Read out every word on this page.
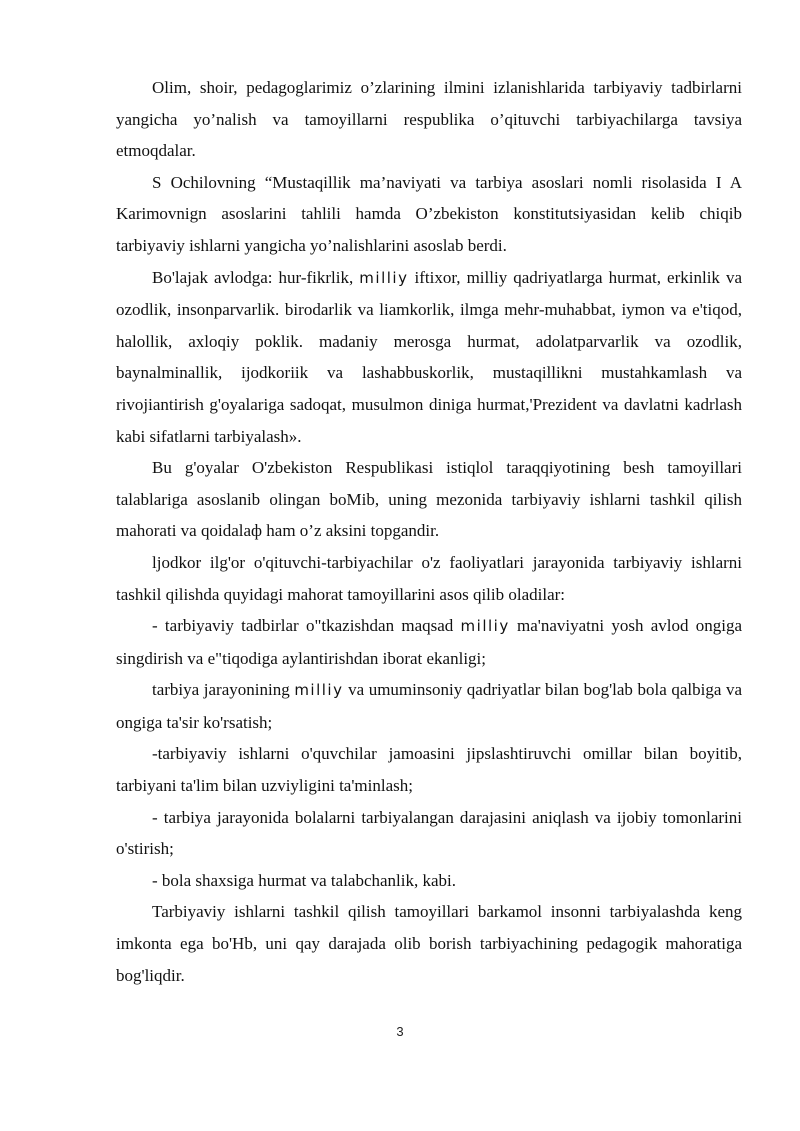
Olim, shoir, pedagoglarimiz o’zlarining ilmini izlanishlarida tarbiyaviy tadbirlarni yangicha yo’nalish va tamoyillarni respublika o’qituvchi tarbiyachilarga tavsiya etmoqdalar.

S Ochilovning “Mustaqillik ma’naviyati va tarbiya asoslari nomli risolasida I A Karimovnign asoslarini tahlili hamda O’zbekiston konstitutsiyasidan kelib chiqib tarbiyaviy ishlarni yangicha yo’nalishlarini asoslab berdi.

Bo'lajak avlodga: hur-fikrlik, milliy iftixor, milliy qadriyatlarga hurmat, erkinlik va ozodlik, insonparvarlik. birodarlik va liamkorlik, ilmga mehr-muhabbat, iymon va e'tiqod, halollik, axloqiy poklik. madaniy merosga hurmat, adolatparvarlik va ozodlik, baynalminallik, ijodkoriik va lashabbuskorlik, mustaqillikni mustahkamlash va rivojiantirish g'oyalariga sadoqat, musulmon diniga hurmat,'Prezident va davlatni kadrlash kabi sifatlarni tarbiyalash».

Bu g'oyalar O'zbekiston Respublikasi istiqlol taraqqiyotining besh tamoyillari talablariga asoslanib olingan boMib, uning mezonida tarbiyaviy ishlarni tashkil qilish mahorati va qoidalaф ham o’z aksini topgandir.

ljodkor ilg'or o'qituvchi-tarbiyachilar o'z faoliyatlari jarayonida tarbiyaviy ishlarni tashkil qilishda quyidagi mahorat tamoyillarini asos qilib oladilar:

- tarbiyaviy tadbirlar o"tkazishdan maqsad milliy ma'naviyatni yosh avlod ongiga singdirish va e"tiqodiga aylantirishdan iborat ekanligi;

tarbiya jarayonining milliy va umuminsoniy qadriyatlar bilan bog'lab bola qalbiga va ongiga ta'sir ko'rsatish;

-tarbiyaviy ishlarni o'quvchilar jamoasini jipslashtiruvchi omillar bilan boyitib, tarbiyani ta'lim bilan uzviyligini ta'minlash;

- tarbiya jarayonida bolalarni tarbiyalangan darajasini aniqlash va ijobiy tomonlarini o'stirish;

- bola shaxsiga hurmat va talabchanlik, kabi.

Tarbiyaviy ishlarni tashkil qilish tamoyillari barkamol insonni tarbiyalashda keng imkonta ega bo'Hb, uni qay darajada olib borish tarbiyachining pedagogik mahoratiga bog'liqdir.

3
